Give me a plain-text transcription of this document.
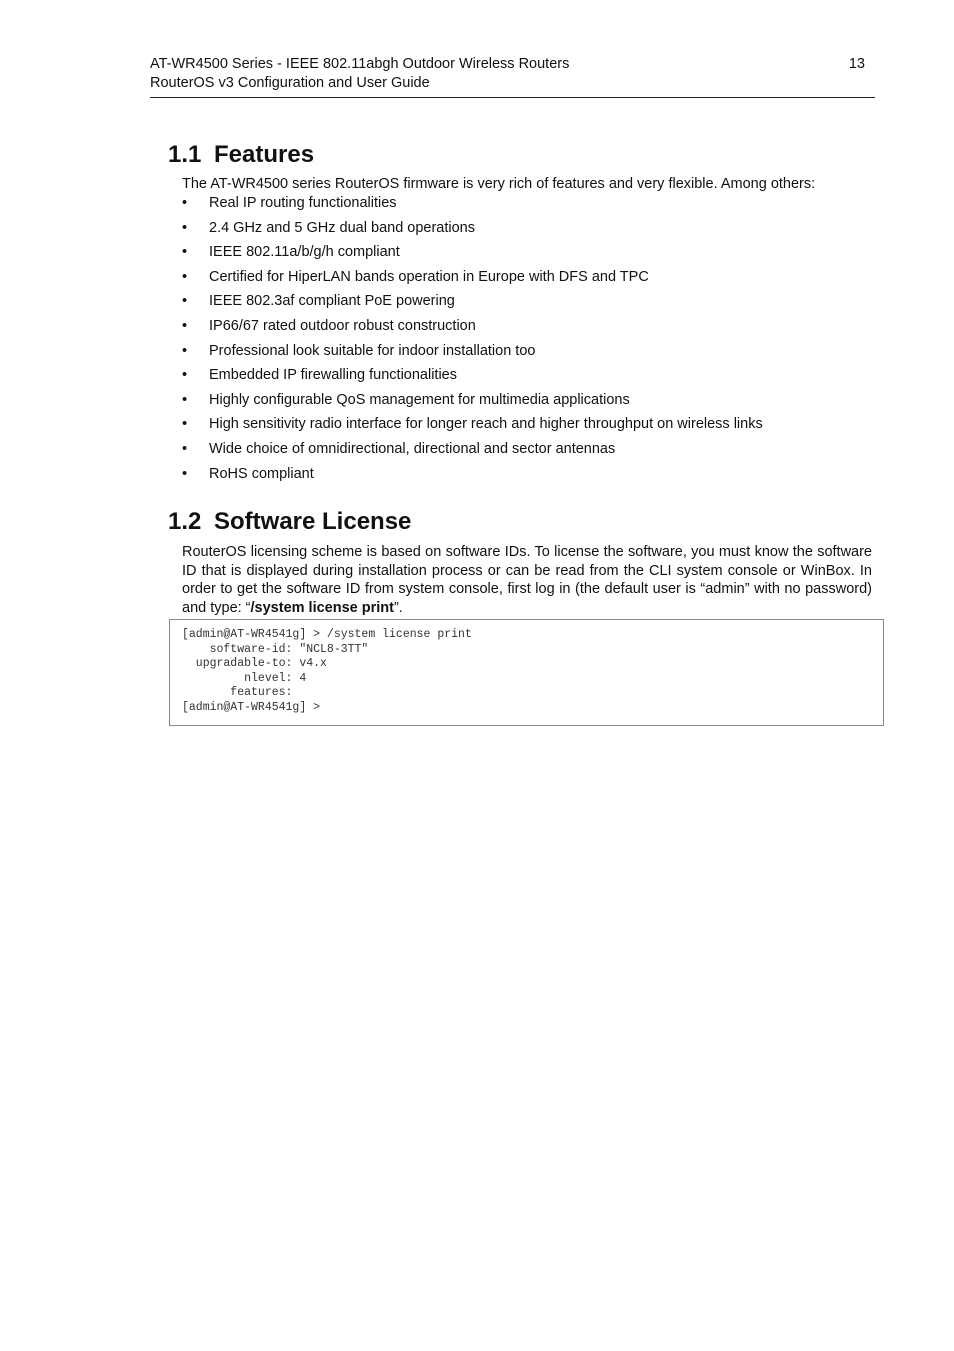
AT-WR4500 Series - IEEE 802.11abgh Outdoor Wireless Routers
RouterOS v3 Configuration and User Guide
13
1.1 Features
The AT-WR4500 series RouterOS firmware is very rich of features and very flexible. Among others:
• Real IP routing functionalities
• 2.4 GHz and 5 GHz dual band operations
• IEEE 802.11a/b/g/h compliant
• Certified for HiperLAN bands operation in Europe with DFS and TPC
• IEEE 802.3af compliant PoE powering
• IP66/67 rated outdoor robust construction
• Professional look suitable for indoor installation too
• Embedded IP firewalling functionalities
• Highly configurable QoS management for multimedia applications
• High sensitivity radio interface for longer reach and higher throughput on wireless links
• Wide choice of omnidirectional, directional and sector antennas
• RoHS compliant
1.2 Software License
RouterOS licensing scheme is based on software IDs. To license the software, you must know the software ID that is displayed during installation process or can be read from the CLI system console or WinBox. In order to get the software ID from system console, first log in (the default user is “admin” with no password) and type: “/system license print”.
[admin@AT-WR4541g] > /system license print
software-id: "NCL8-3TT"
upgradable-to: v4.x
nlevel: 4
features:
[admin@AT-WR4541g] >
